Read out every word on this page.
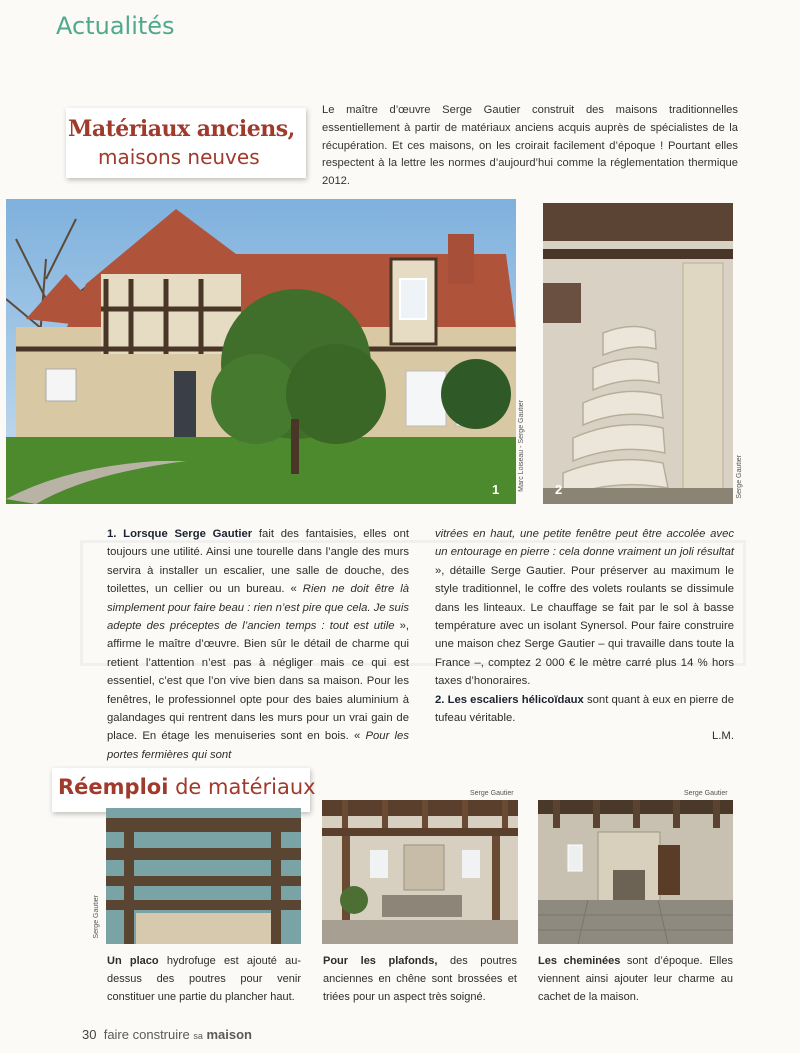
Actualités
Matériaux anciens,
maisons neuves
Le maître d’œuvre Serge Gautier construit des maisons traditionnelles essentiellement à partir de matériaux anciens acquis auprès de spécialistes de la récupération. Et ces maisons, on les croirait facilement d’époque ! Pourtant elles respectent à la lettre les normes d’aujourd’hui comme la réglementation thermique 2012.
1	Marc Loiseau - Serge Gautier 2	Serge Gautier
1. Lorsque Serge Gautier fait des fantaisies, elles ont toujours une utilité. Ainsi une tourelle dans l’angle des murs servira à installer un escalier, une salle de douche, des toilettes, un cellier ou un bureau. « Rien ne doit être là simplement pour faire beau : rien n’est pire que cela. Je suis adepte des préceptes de l’ancien temps : tout est utile », affirme le maître d’œuvre. Bien sûr le détail de charme qui retient l’attention n’est pas à négliger mais ce qui est essentiel, c’est que l’on vive bien dans sa maison. Pour les fenêtres, le professionnel opte pour des baies aluminium à galandages qui rentrent dans les murs pour un vrai gain de place. En étage les menuiseries sont en bois. « Pour les portes fermières qui sont
vitrées en haut, une petite fenêtre peut être accolée avec un entourage en pierre : cela donne vraiment un joli résultat », détaille Serge Gautier. Pour préserver au maximum le style traditionnel, le coffre des volets roulants se dissimule dans les linteaux. Le chauffage se fait par le sol à basse température avec un isolant Synersol. Pour faire construire une maison chez Serge Gautier – qui travaille dans toute la France –, comptez 2 000 € le mètre carré plus 14 % hors taxes d’honoraires.
2. Les escaliers hélicoïdaux sont quant à eux en pierre de tufeau véritable.
L.M.
Réemploi de matériaux	Serge Gautier	Serge Gautier
Serge Gautier
Un placo hydrofuge est ajouté au-dessus des poutres pour venir constituer une partie du plancher haut.
Pour les plafonds, des poutres anciennes en chêne sont brossées et triées pour un aspect très soigné.
Les cheminées sont d’époque. Elles viennent ainsi ajouter leur charme au cachet de la maison.
30 faire construire sa maison
